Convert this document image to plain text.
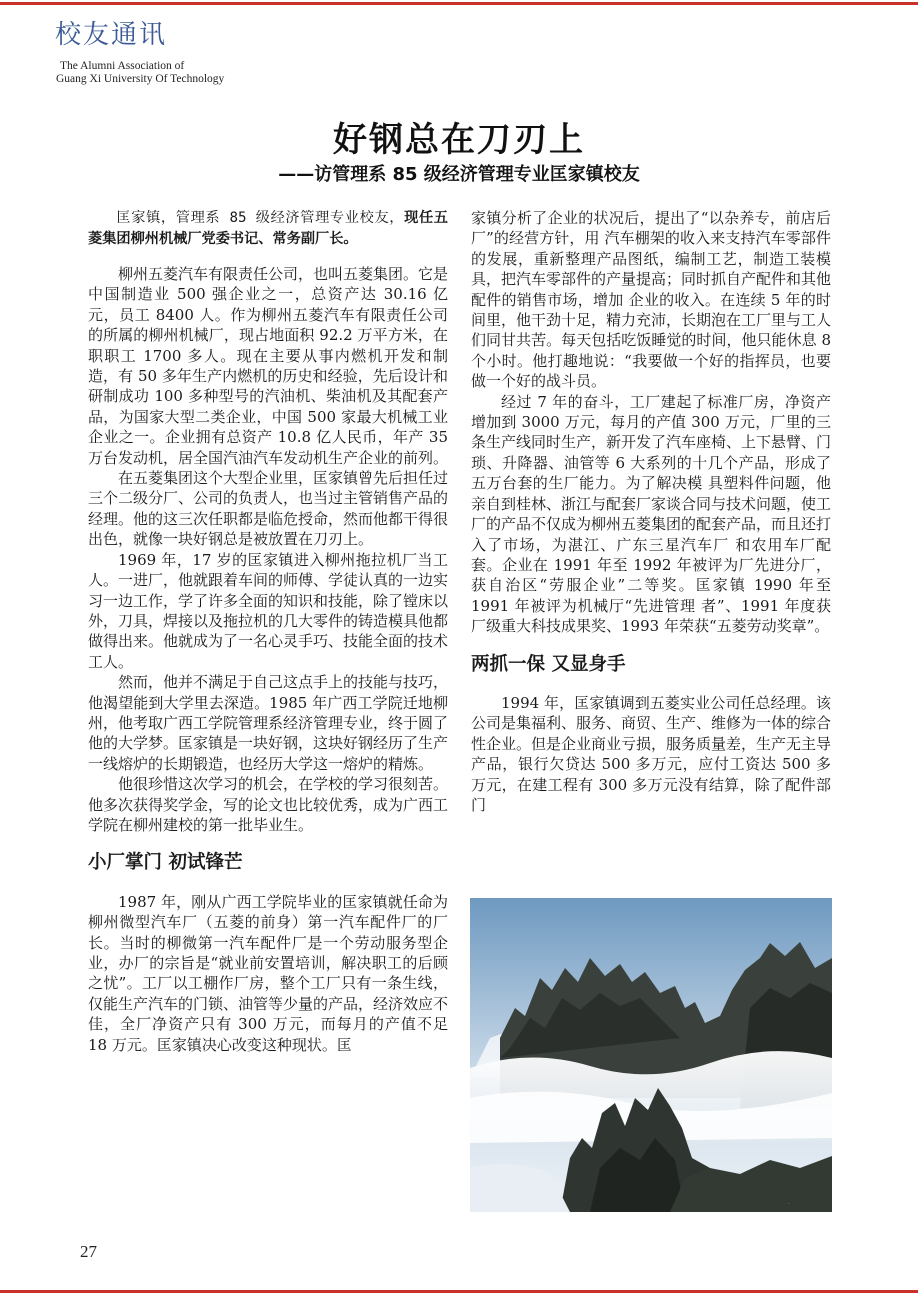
校友通讯
The Alumni Association of
Guang Xi University Of Technology
好钢总在刀刃上
——访管理系 85 级经济管理专业匡家镇校友

匡家镇，管理系 85 级经济管理专业校友，现任五菱集团柳州机械厂党委书记、常务副厂长。

柳州五菱汽车有限责任公司，也叫五菱集团。它是中国制造业 500 强企业之一，总资产达 30.16 亿元，员工 8400 人。作为柳州五菱汽车有限责任公司的所属的柳州机械厂，现占地面积 92.2 万平方米，在职职工 1700 多人。现在主要从事内燃机开发和制造，有 50 多年生产内燃机的历史和经验，先后设计和 研制成功 100 多种型号的汽油机、柴油机及其配套产品，为国家大型二类企业，中国 500 家最大机械工业企业之一。企业拥有总资产 10.8 亿人民币，年产 35 万台发动机，居全国汽油汽车发动机生产企业的前列。

在五菱集团这个大型企业里，匡家镇曾先后担任过三个二级分厂、公司的负责人，也当过主管销售产品的经理。他的这三次任职都是临危授命，然而他都干得很出色，就像一块好钢总是被放置在刀刃上。

1969 年，17 岁的匡家镇进入柳州拖拉机厂当工人。一进厂，他就跟着车间的师傅、学徒认真的一边实习一边工作，学了许多全面的知识和技能，除了镗床以外，刀具，焊接以及拖拉机的几大零件的铸造模具他都做得出来。他就成为了一名心灵手巧、技能全面的技术工人。

然而，他并不满足于自己这点手上的技能与技巧，他渴望能到大学里去深造。1985 年广西工学院迁地柳州，他考取广西工学院管理系经济管理专业，终于圆了他的大学梦。匡家镇是一块好钢，这块好钢经历了生产一线熔炉的长期锻造，也经历大学这一熔炉的精炼。

他很珍惜这次学习的机会，在学校的学习很刻苦。他多次获得奖学金，写的论文也比较优秀，成为广西工学院在柳州建校的第一批毕业生。

小厂掌门 初试锋芒

1987 年，刚从广西工学院毕业的匡家镇就任命为柳州微型汽车厂（五菱的前身）第一汽车配件厂的厂长。当时的柳微第一汽车配件厂是一个劳动服务型企业，办厂的宗旨是“就业前安置培训，解决职工的后顾之忧”。工厂以工棚作厂房，整个工厂只有一条生线，仅能生产汽车的门锁、油管等少量的产品，经济效应不佳，全厂净资产只有 300 万元，而每月的产值不足 18 万元。匡家镇决心改变这种现状。匡

家镇分析了企业的状况后，提出了“以杂养专，前店后厂”的经营方针，用 汽车棚架的收入来支持汽车零部件的发展，重新整理产品图纸，编制工艺，制造工装模具，把汽车零部件的产量提高；同时抓自产配件和其他配件的销售市场，增加 企业的收入。在连续 5 年的时间里，他干劲十足，精力充沛，长期泡在工厂里与工人们同甘共苦。每天包括吃饭睡觉的时间，他只能休息 8 个小时。他打趣地说：“我要做一个好的指挥员，也要做一个好的战斗员。

经过 7 年的奋斗，工厂建起了标准厂房，净资产增加到 3000 万元，每月的产值 300 万元，厂里的三条生产线同时生产，新开发了汽车座椅、上下悬臂、门琐、升降器、油管等 6 大系列的十几个产品，形成了五万台套的生厂能力。为了解决模 具塑料件问题，他亲自到桂林、浙江与配套厂家谈合同与技术问题，使工厂的产品不仅成为柳州五菱集团的配套产品，而且还打入了市场，为湛江、广东三星汽车厂 和农用车厂配套。企业在 1991 年至 1992 年被评为厂先进分厂，获自治区“劳服企业”二等奖。匡家镇 1990 年至 1991 年被评为机械厅“先进管理 者”、1991 年度获厂级重大科技成果奖、1993 年荣获“五菱劳动奖章”。

两抓一保 又显身手

1994 年，匡家镇调到五菱实业公司任总经理。该公司是集福利、服务、商贸、生产、维修为一体的综合性企业。但是企业商业亏损，服务质量差，生产无主导 产品，银行欠贷达 500 多万元，应付工资达 500 多万元，在建工程有 300 多万元没有结算，除了配件部门

.
27
